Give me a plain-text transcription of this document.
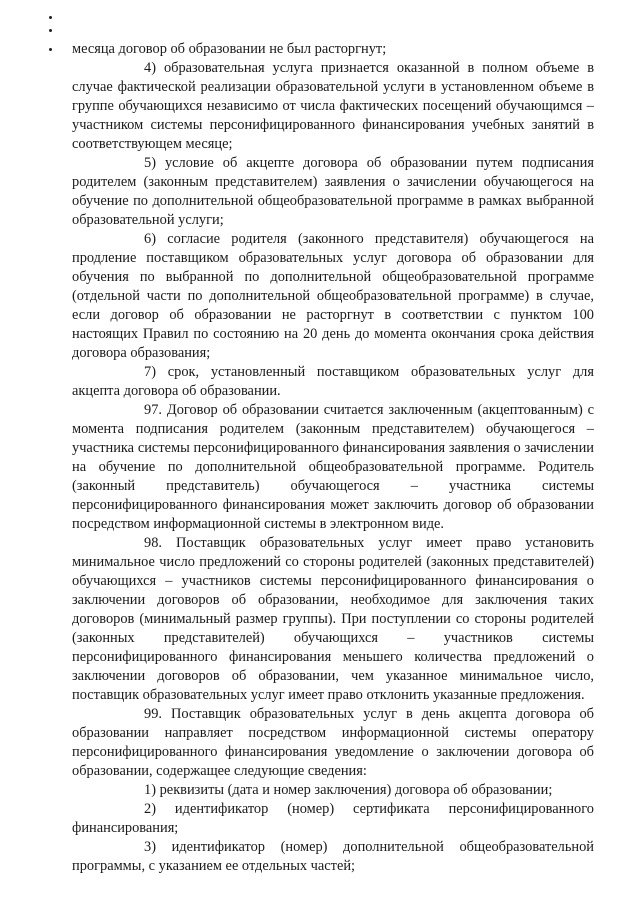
месяца договор об образовании не был расторгнут;

4) образовательная услуга признается оказанной в полном объеме в случае фактической реализации образовательной услуги в установленном объеме в группе обучающихся независимо от числа фактических посещений обучающимся – участником системы персонифицированного финансирования учебных занятий в соответствующем месяце;

5) условие об акцепте договора об образовании путем подписания родителем (законным представителем) заявления о зачислении обучающегося на обучение по дополнительной общеобразовательной программе в рамках выбранной образовательной услуги;

6) согласие родителя (законного представителя) обучающегося на продление поставщиком образовательных услуг договора об образовании для обучения по выбранной по дополнительной общеобразовательной программе (отдельной части по дополнительной общеобразовательной программе) в случае, если договор об образовании не расторгнут в соответствии с пунктом 100 настоящих Правил по состоянию на 20 день до момента окончания срока действия договора образования;

7) срок, установленный поставщиком образовательных услуг для акцепта договора об образовании.

97. Договор об образовании считается заключенным (акцептованным) с момента подписания родителем (законным представителем) обучающегося – участника системы персонифицированного финансирования заявления о зачислении на обучение по дополнительной общеобразовательной программе. Родитель (законный представитель) обучающегося – участника системы персонифицированного финансирования может заключить договор об образовании посредством информационной системы в электронном виде.

98. Поставщик образовательных услуг имеет право установить минимальное число предложений со стороны родителей (законных представителей) обучающихся – участников системы персонифицированного финансирования о заключении договоров об образовании, необходимое для заключения таких договоров (минимальный размер группы). При поступлении со стороны родителей (законных представителей) обучающихся – участников системы персонифицированного финансирования меньшего количества предложений о заключении договоров об образовании, чем указанное минимальное число, поставщик образовательных услуг имеет право отклонить указанные предложения.

99. Поставщик образовательных услуг в день акцепта договора об образовании направляет посредством информационной системы оператору персонифицированного финансирования уведомление о заключении договора об образовании, содержащее следующие сведения:

1) реквизиты (дата и номер заключения) договора об образовании;

2) идентификатор (номер) сертификата персонифицированного финансирования;

3) идентификатор (номер) дополнительной общеобразовательной программы, с указанием ее отдельных частей;
